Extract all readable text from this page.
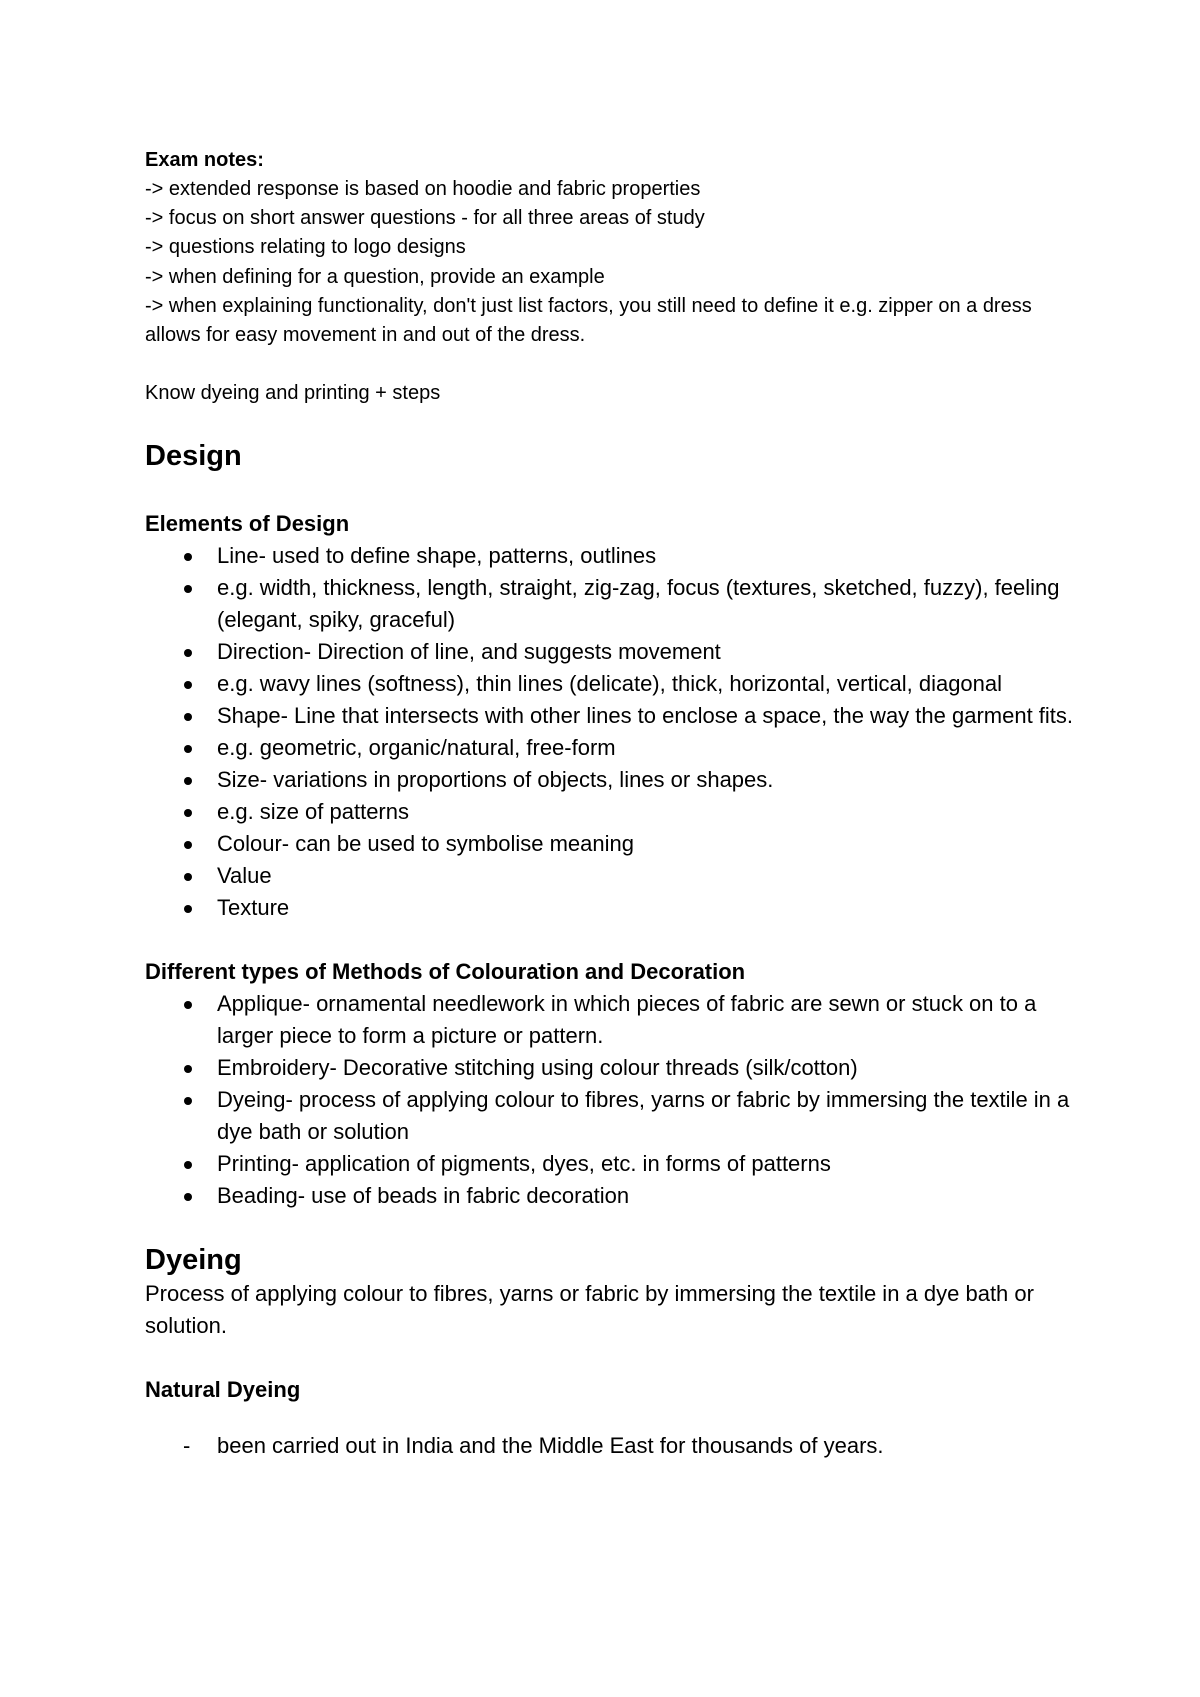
Exam notes:

-> extended response is based on hoodie and fabric properties

-> focus on short answer questions - for all three areas of study

-> questions relating to logo designs

-> when defining for a question, provide an example

-> when explaining functionality, don't just list factors, you still need to define it e.g. zipper on a dress allows for easy movement in and out of the dress.

Know dyeing and printing + steps

Design
Elements of Design
Line- used to define shape, patterns, outlines
e.g. width, thickness, length, straight, zig-zag, focus (textures, sketched, fuzzy), feeling (elegant, spiky, graceful)
Direction- Direction of line, and suggests movement
e.g. wavy lines (softness), thin lines (delicate), thick, horizontal, vertical, diagonal
Shape- Line that intersects with other lines to enclose a space, the way the garment fits.
e.g. geometric, organic/natural, free-form
Size- variations in proportions of objects, lines or shapes.
e.g. size of patterns
Colour- can be used to symbolise meaning
Value
Texture
Different types of Methods of Colouration and Decoration
Applique- ornamental needlework in which pieces of fabric are sewn or stuck on to a larger piece to form a picture or pattern.
Embroidery- Decorative stitching using colour threads (silk/cotton)
Dyeing- process of applying colour to fibres, yarns or fabric by immersing the textile in a dye bath or solution
Printing- application of pigments, dyes, etc. in forms of patterns
Beading- use of beads in fabric decoration
Dyeing

Process of applying colour to fibres, yarns or fabric by immersing the textile in a dye bath or solution.

Natural Dyeing
- been carried out in India and the Middle East for thousands of years.
